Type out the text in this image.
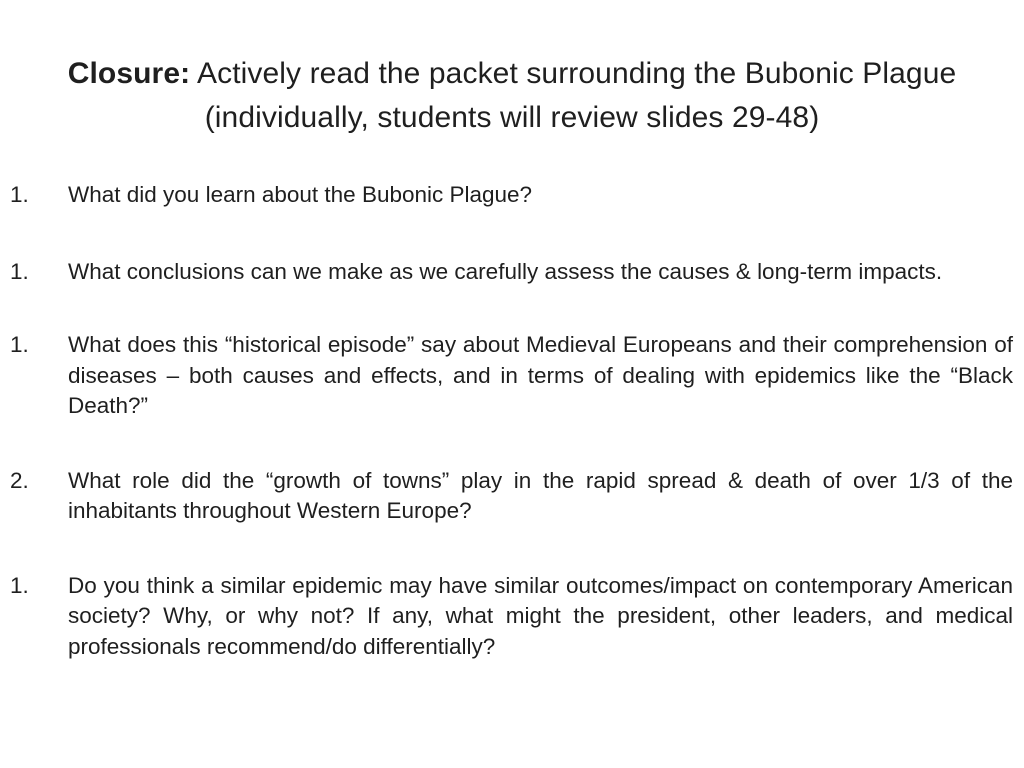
Closure: Actively read the packet surrounding the Bubonic Plague (individually, students will review slides 29-48)
1.	What did you learn about the Bubonic Plague?
1.	What conclusions can we make as we carefully assess the causes & long-term impacts.
1.	What does this “historical episode” say about Medieval Europeans and their comprehension of diseases – both causes and effects, and in terms of dealing with epidemics like the “Black Death?”
2.	What role did the “growth of towns” play in the rapid spread & death of over 1/3 of the inhabitants throughout Western Europe?
1.	Do you think a similar epidemic may have similar outcomes/impact on contemporary American society? Why, or why not? If any, what might the president, other leaders, and medical professionals recommend/do differentially?
